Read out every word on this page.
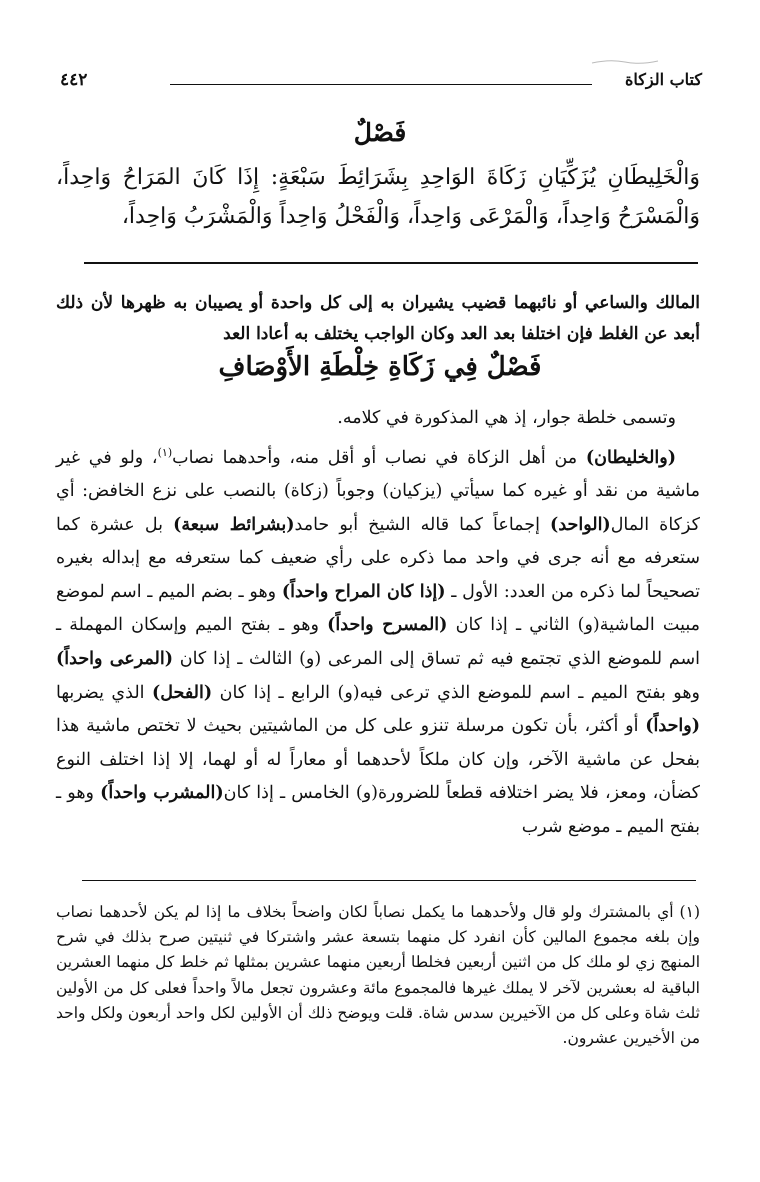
كتاب الزكاة
٤٤٢
فَصْلٌ
وَالْخَلِيطَانِ يُزَكِّيَانِ زَكَاةَ الوَاحِدِ بِشَرَائِطَ سَبْعَةٍ: إِذَا كَانَ المَرَاحُ وَاحِداً، وَالْمَسْرَحُ وَاحِداً، وَالْمَرْعَى وَاحِداً، وَالْفَحْلُ وَاحِداً وَالْمَشْرَبُ وَاحِداً،
المالك والساعي أو نائبهما قضيب يشيران به إلى كل واحدة أو يصيبان به ظهرها لأن ذلك أبعد عن الغلط فإن اختلفا بعد العد وكان الواجب يختلف به أعادا العد
فَصْلٌ فِي زَكَاةِ خِلْطَةِ الأَوْصَافِ

وتسمى خلطة جوار، إذ هي المذكورة في كلامه.

(والخليطان) من أهل الزكاة في نصاب أو أقل منه، وأحدهما نصاب$^{(١)}$، ولو في غير ماشية من نقد أو غيره كما سيأتي (يزكيان) وجوباً (زكاة) بالنصب على نزع الخافض: أي كزكاة المال(الواحد) إجماعاً كما قاله الشيخ أبو حامد(بشرائط سبعة) بل عشرة كما ستعرفه مع أنه جرى في واحد مما ذكره على رأي ضعيف كما ستعرفه مع إبداله بغيره تصحيحاً لما ذكره من العدد: الأول ـ (إذا كان المراح واحداً) وهو ـ بضم الميم ـ اسم لموضع مبيت الماشية(و) الثاني ـ إذا كان (المسرح واحداً) وهو ـ بفتح الميم وإسكان المهملة ـ اسم للموضع الذي تجتمع فيه ثم تساق إلى المرعى (و) الثالث ـ إذا كان (المرعى واحداً) وهو بفتح الميم ـ اسم للموضع الذي ترعى فيه(و) الرابع ـ إذا كان (الفحل) الذي يضربها (واحداً) أو أكثر، بأن تكون مرسلة تنزو على كل من الماشيتين بحيث لا تختص ماشية هذا بفحل عن ماشية الآخر، وإن كان ملكاً لأحدهما أو معاراً له أو لهما، إلا إذا اختلف النوع كضأن، ومعز، فلا يضر اختلافه قطعاً للضرورة(و) الخامس ـ إذا كان(المشرب واحداً) وهو ـ بفتح الميم ـ موضع شرب

(١)أي بالمشترك ولو قال ولأحدهما ما يكمل نصاباً لكان واضحاً بخلاف ما إذا لم يكن لأحدهما نصاب وإن بلغه مجموع المالين كأن انفرد كل منهما بتسعة عشر واشتركا في ثنيتين صرح بذلك في شرح المنهج زي لو ملك كل من اثنين أربعين فخلطا أربعين منهما عشرين بمثلها ثم خلط كل منهما العشرين الباقية له بعشرين لآخر لا يملك غيرها فالمجموع مائة وعشرون تجعل مالاً واحداً فعلى كل من الأولين ثلث شاة وعلى كل من الآخيرين سدس شاة. قلت ويوضح ذلك أن الأولين لكل واحد أربعون ولكل واحد من الأخيرين عشرون.
